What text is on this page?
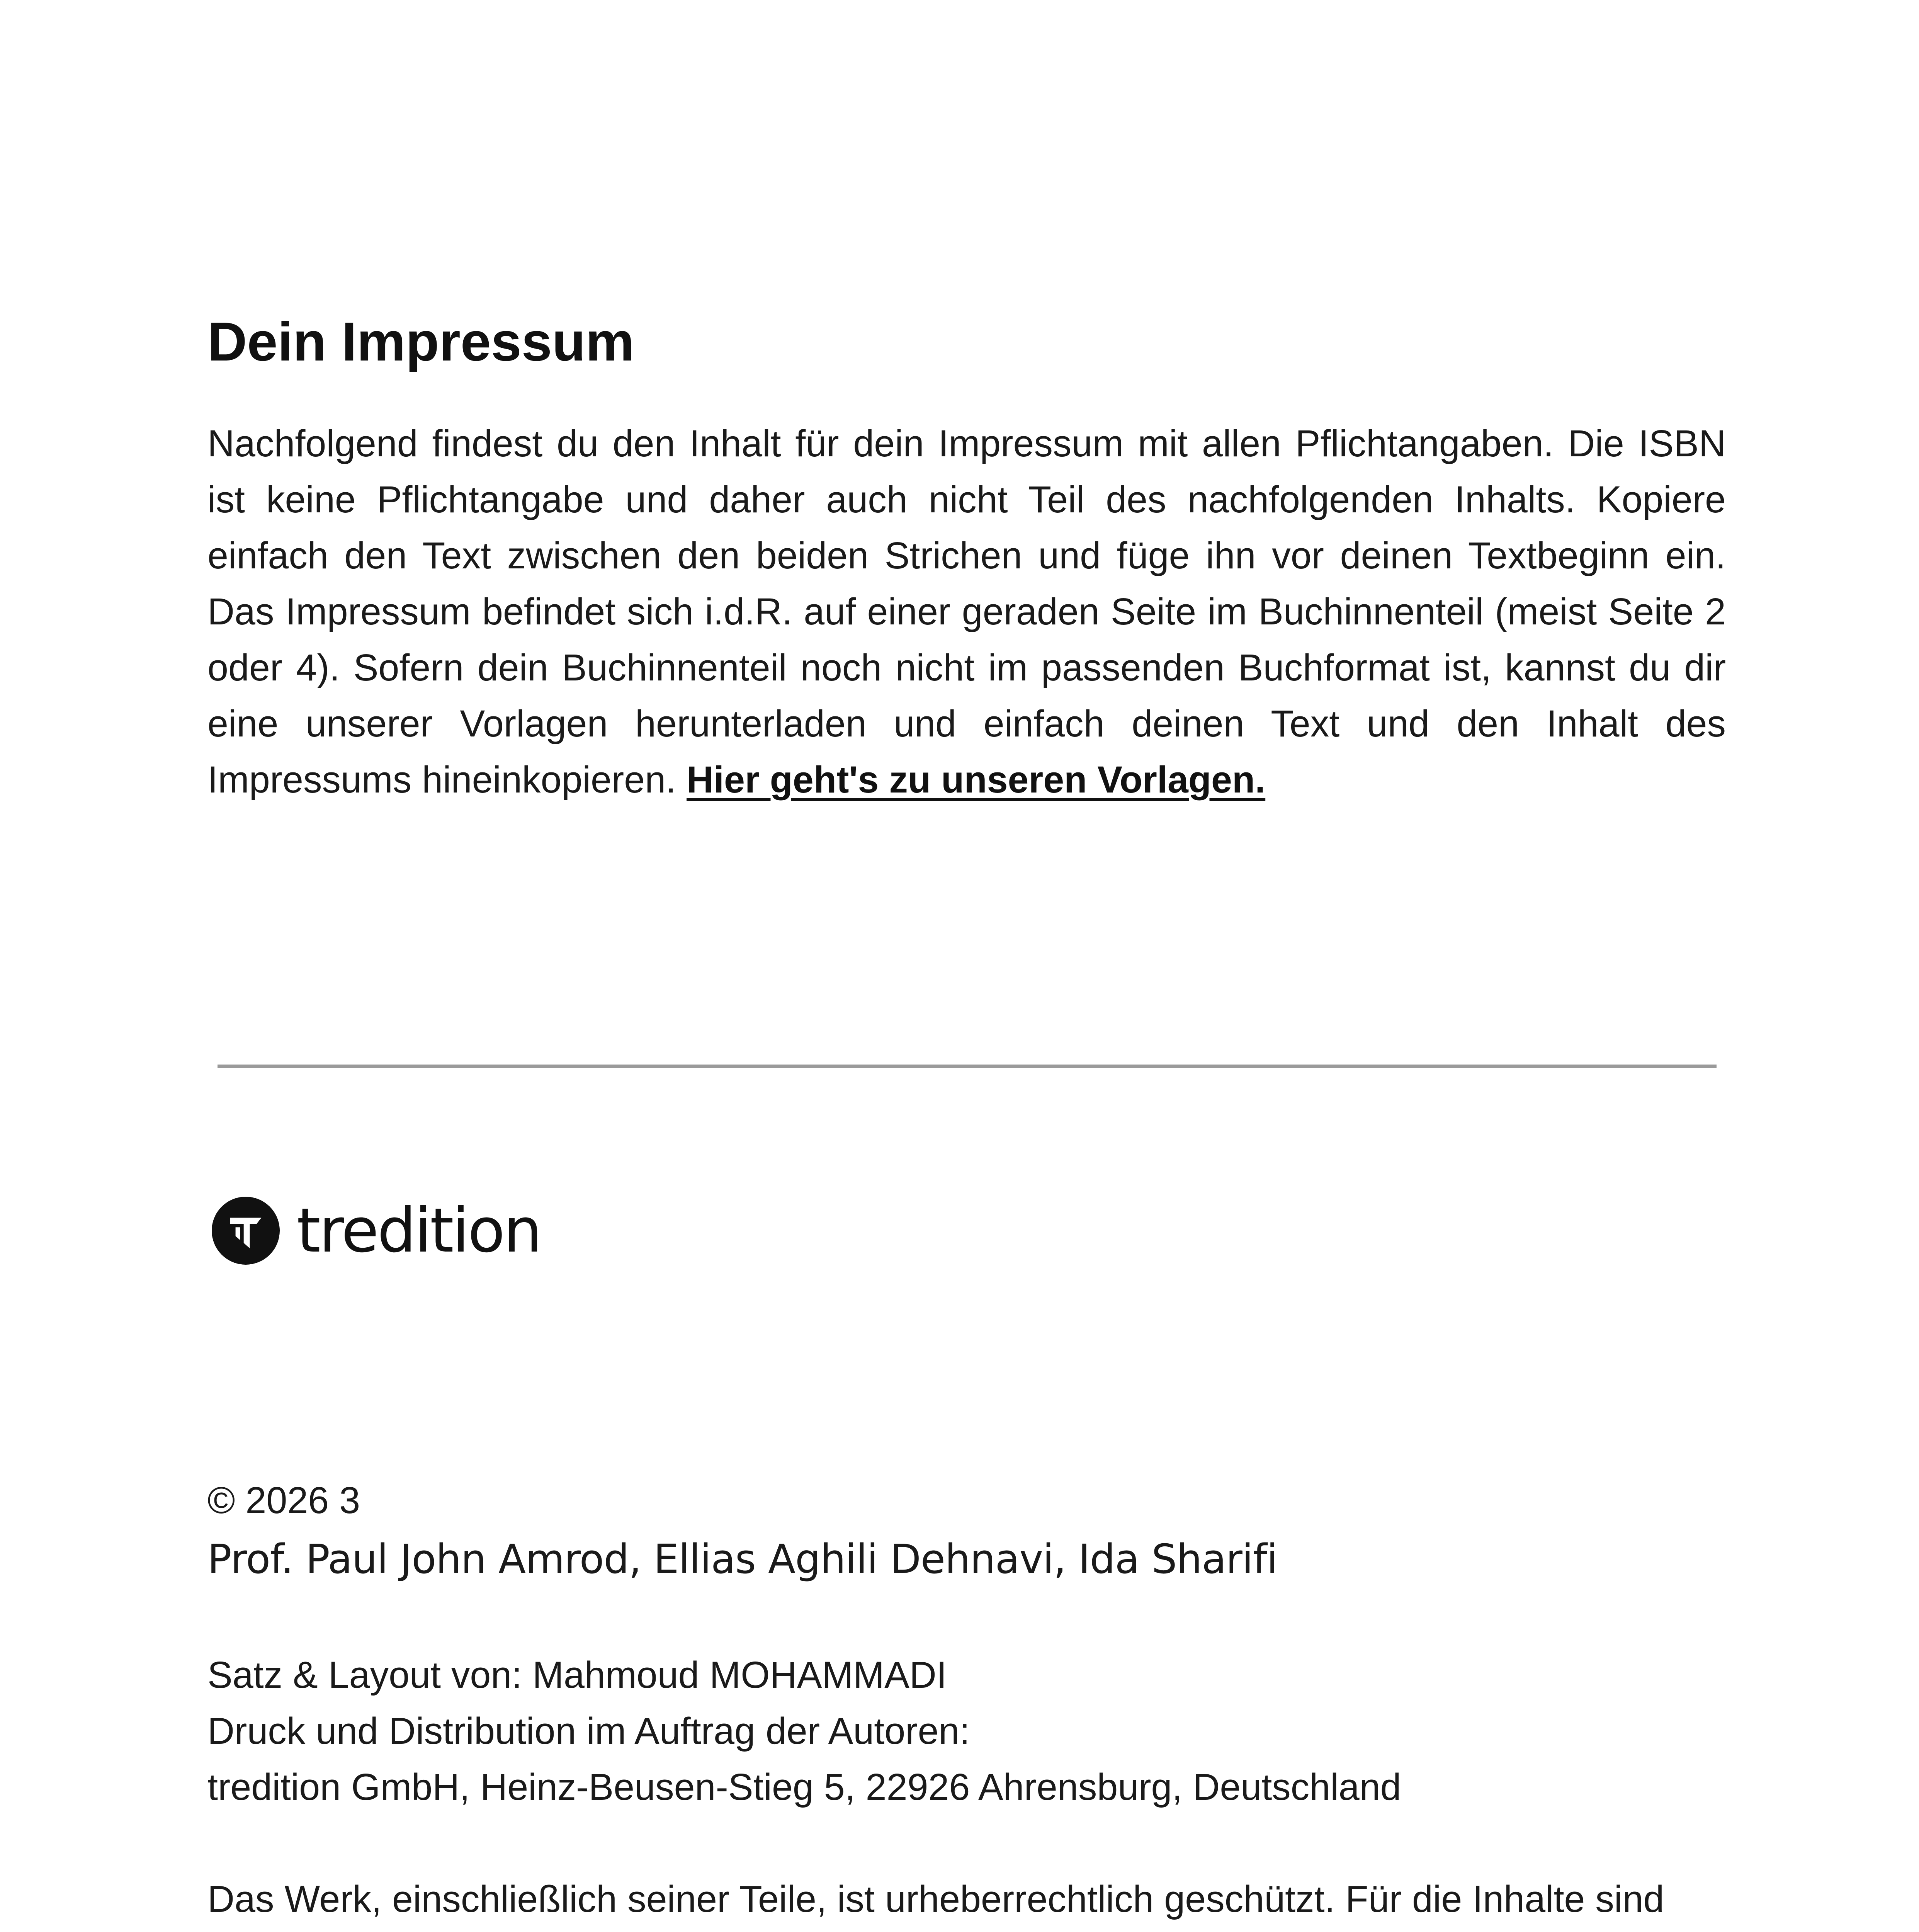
Dein Impressum

Nachfolgend findest du den Inhalt für dein Impressum mit allen Pflichtangaben. Die ISBN ist keine Pflichtangabe und daher auch nicht Teil des nachfolgenden Inhalts. Kopiere einfach den Text zwischen den beiden Strichen und füge ihn vor deinen Textbeginn ein. Das Impressum befindet sich i.d.R. auf einer geraden Seite im Buchinnenteil (meist Seite 2 oder 4). Sofern dein Buchinnenteil noch nicht im passenden Buchformat ist, kannst du dir eine unserer Vorlagen herunterladen und einfach deinen Text und den Inhalt des Impressums hineinkopieren. Hier geht's zu unseren Vorlagen.

tredition

© 2026 3

Prof. Paul John Amrod, Ellias Aghili Dehnavi, Ida Sharifi

Satz & Layout von: Mahmoud MOHAMMADI
Druck und Distribution im Auftrag der Autoren:
tredition GmbH, Heinz-Beusen-Stieg 5, 22926 Ahrensburg, Deutschland
Das Werk, einschließlich seiner Teile, ist urheberrechtlich geschützt. Für die Inhalte sind
